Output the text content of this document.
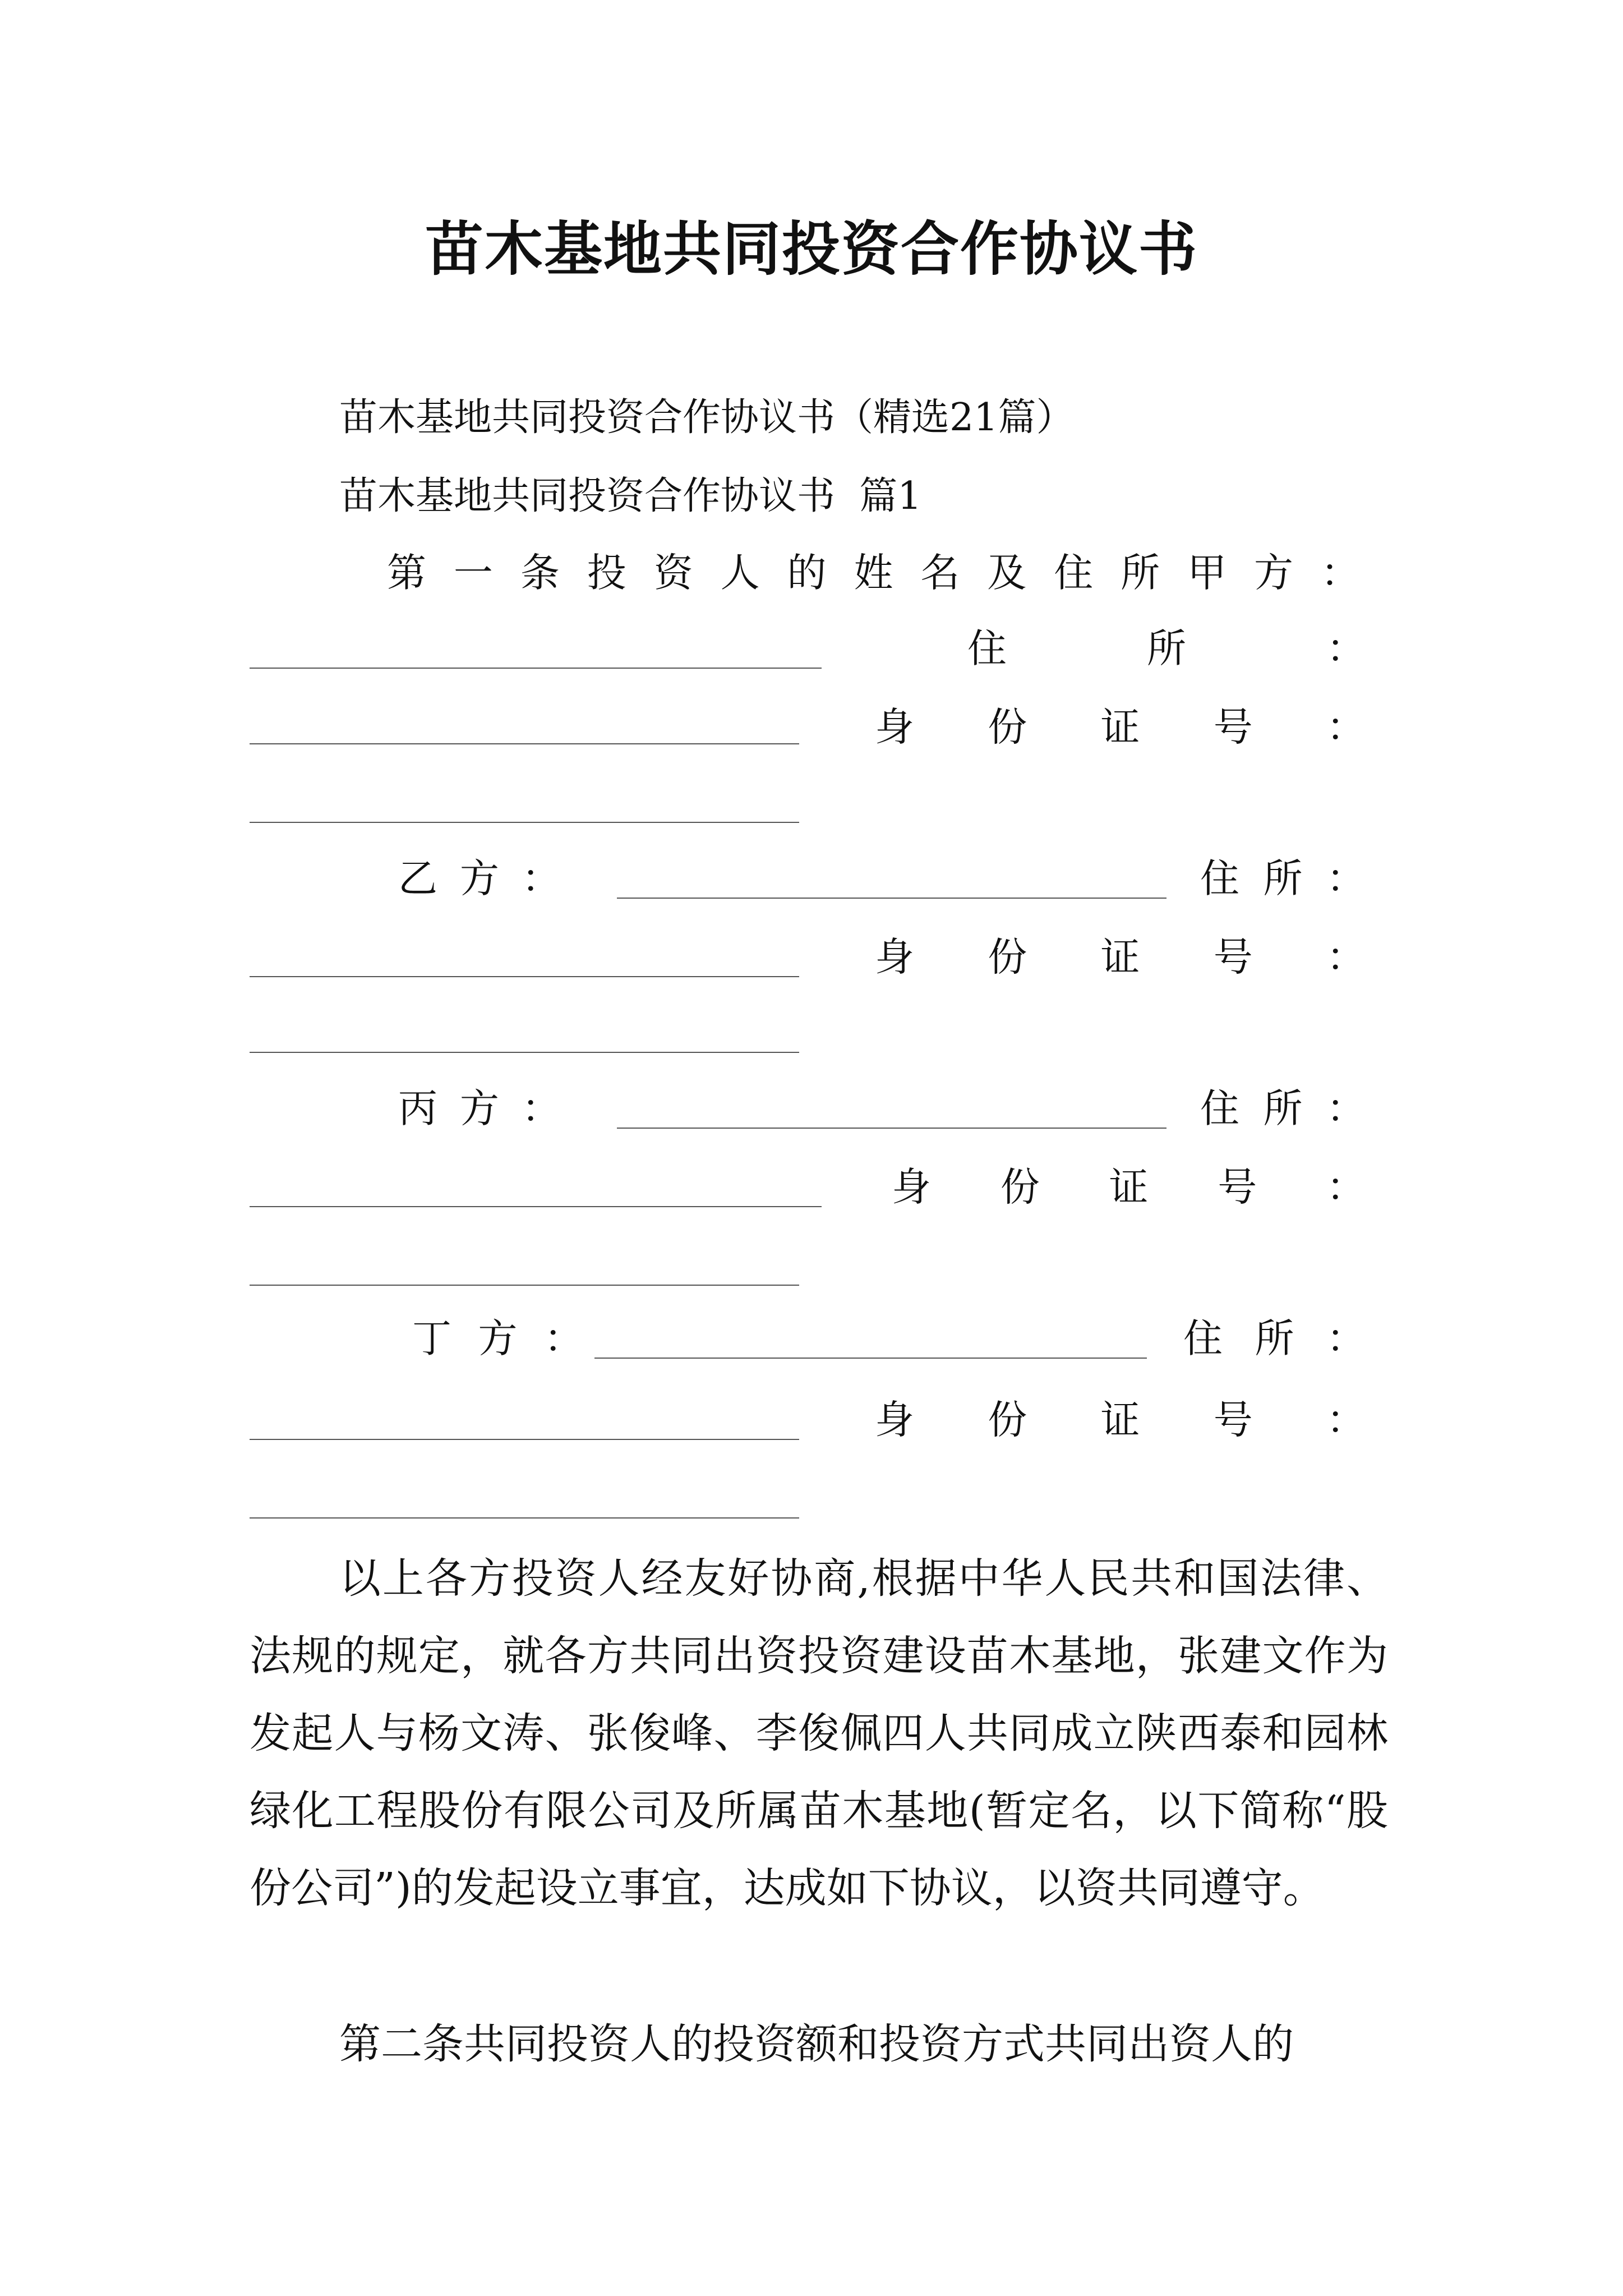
苗木基地共同投资合作协议书
苗木基地共同投资合作协议书（精选21篇）
苗木基地共同投资合作协议书  篇1
第 一 条 投 资 人 的 姓 名 及 住 所 甲 方 ：
住	所	：
身 份 证 号 ：
乙 方 ：	住 所 ：
身 份 证 号 ：
丙 方 ：	住 所 ：
身 份 证 号 ：
丁 方 ：	住 所 ：
身 份 证 号 ：
以上各方投资人经友好协商,根据中华人民共和国法律、法规的规定，就各方共同出资投资建设苗木基地，张建文作为发起人与杨文涛、张俊峰、李俊佩四人共同成立陕西泰和园林绿化工程股份有限公司及所属苗木基地(暂定名，以下简称“股份公司”)的发起设立事宜，达成如下协议，以资共同遵守。
第二条共同投资人的投资额和投资方式共同出资人的
